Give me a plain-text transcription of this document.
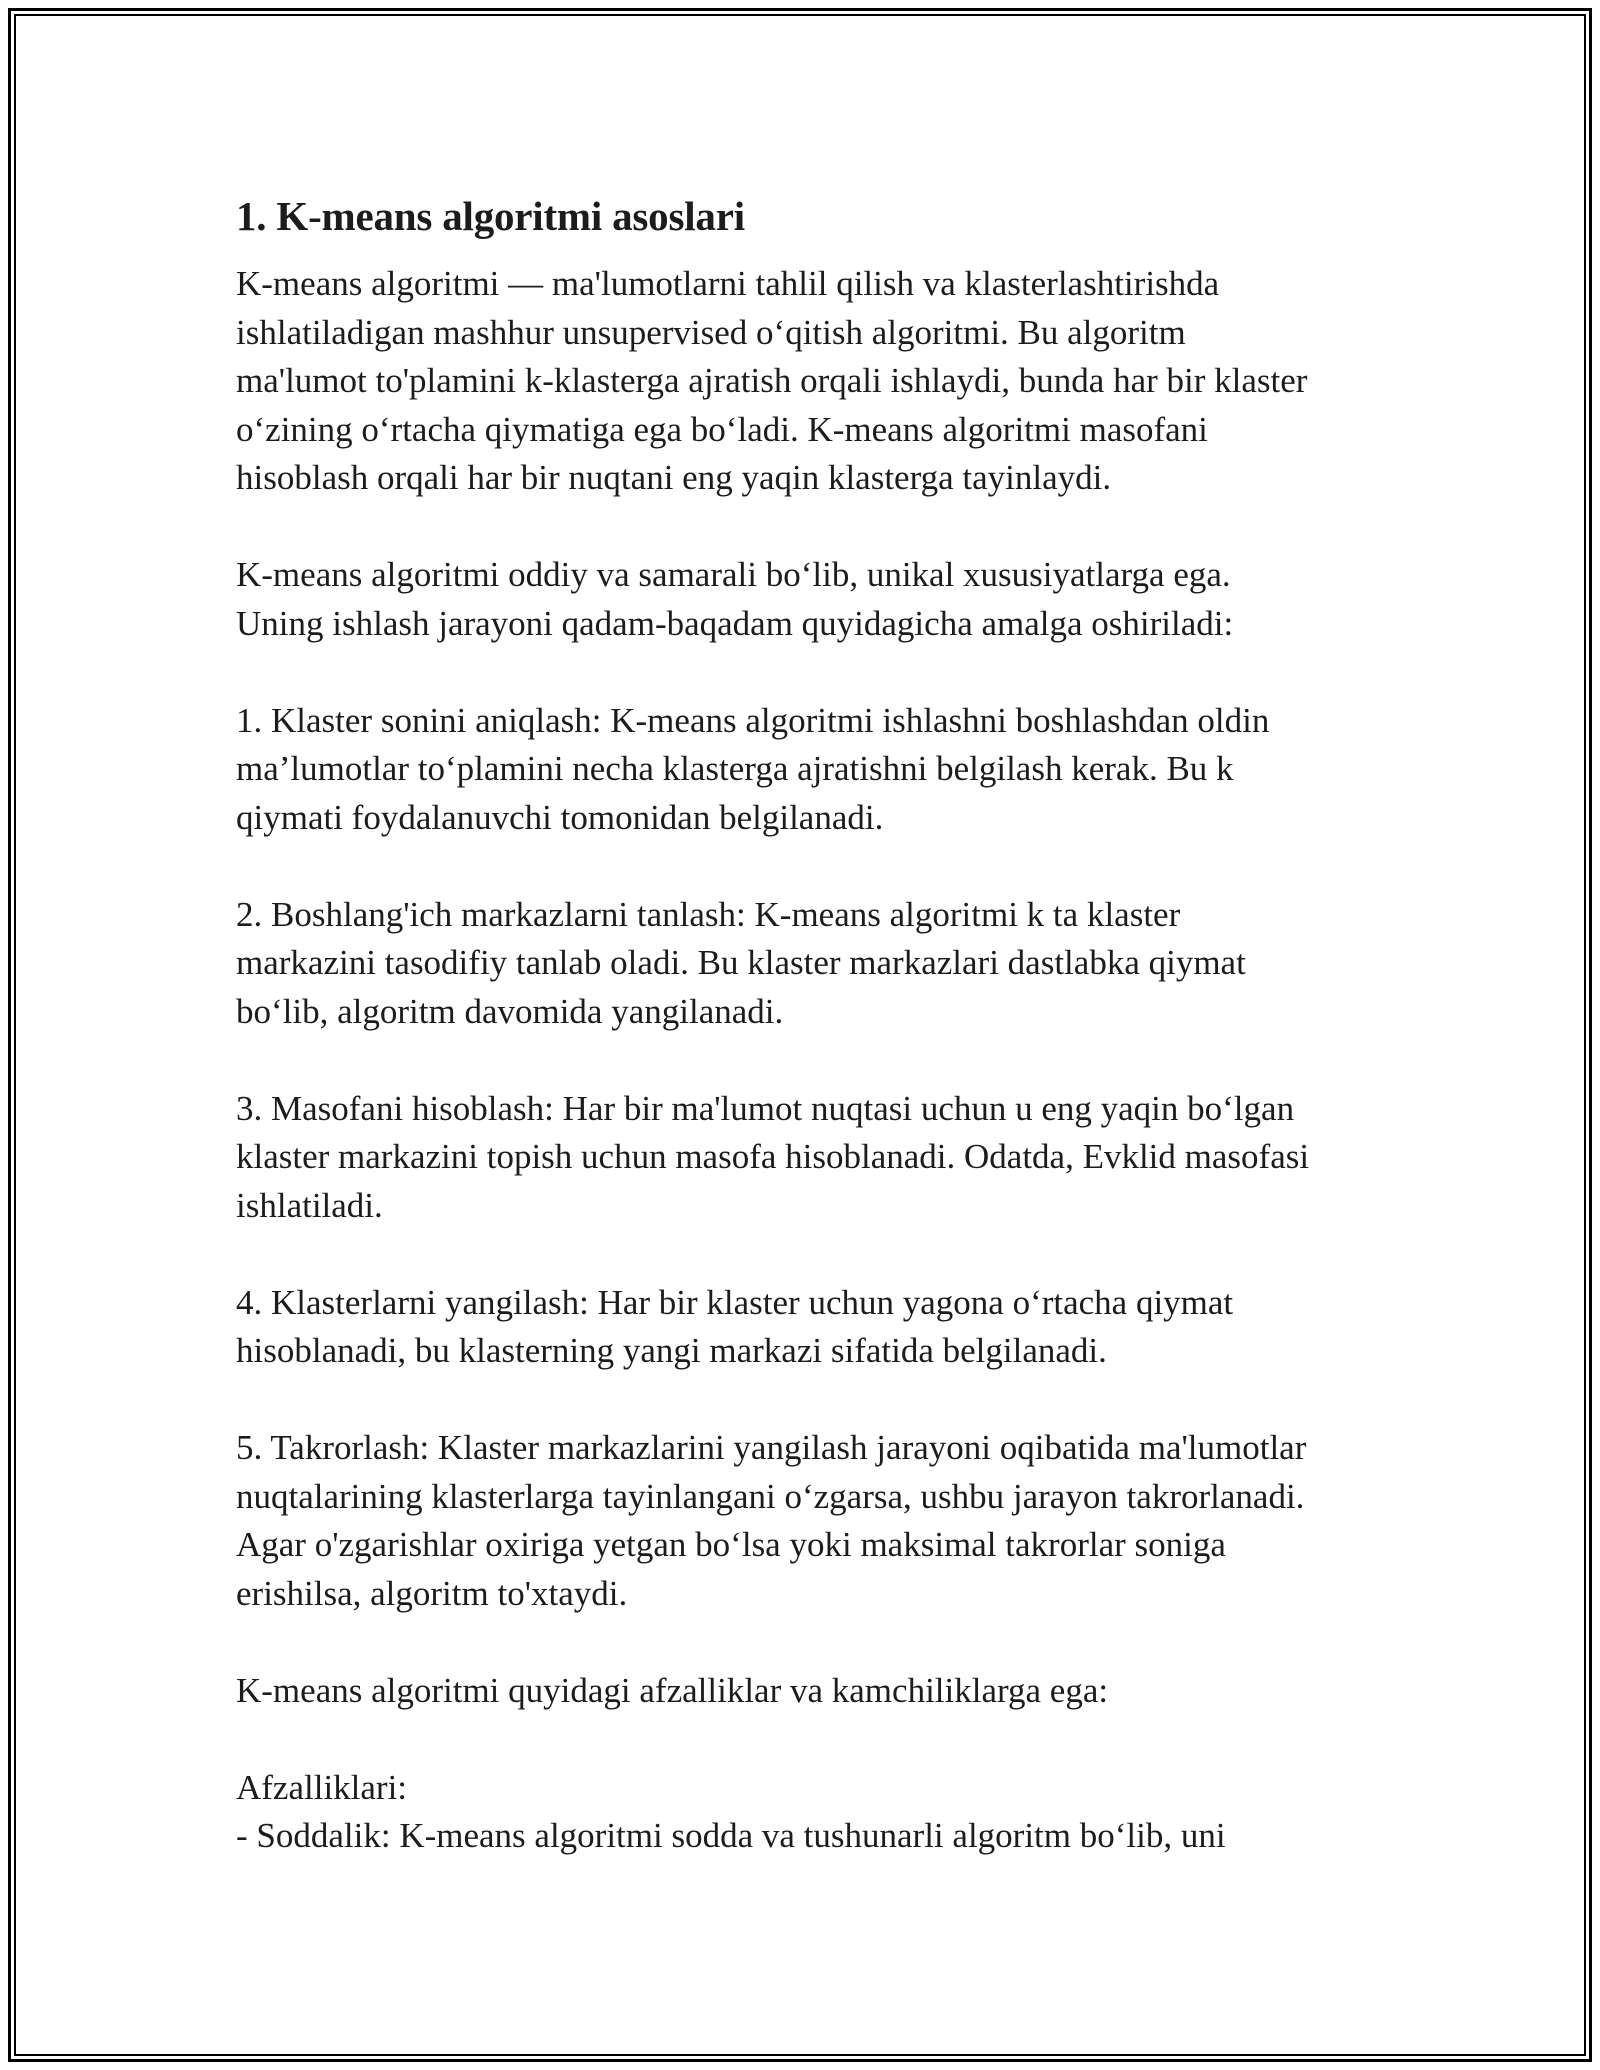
1. K-means algoritmi asoslari
K-means algoritmi — ma'lumotlarni tahlil qilish va klasterlashtirishda
ishlatiladigan mashhur unsupervised o‘qitish algoritmi. Bu algoritm
ma'lumot to'plamini k-klasterga ajratish orqali ishlaydi, bunda har bir klaster
o‘zining o‘rtacha qiymatiga ega bo‘ladi. K-means algoritmi masofani
hisoblash orqali har bir nuqtani eng yaqin klasterga tayinlaydi.
K-means algoritmi oddiy va samarali bo‘lib, unikal xususiyatlarga ega.
Uning ishlash jarayoni qadam-baqadam quyidagicha amalga oshiriladi:
1. Klaster sonini aniqlash: K-means algoritmi ishlashni boshlashdan oldin
ma’lumotlar to‘plamini necha klasterga ajratishni belgilash kerak. Bu k
qiymati foydalanuvchi tomonidan belgilanadi.
2. Boshlang'ich markazlarni tanlash: K-means algoritmi k ta klaster
markazini tasodifiy tanlab oladi. Bu klaster markazlari dastlabka qiymat
bo‘lib, algoritm davomida yangilanadi.
3. Masofani hisoblash: Har bir ma'lumot nuqtasi uchun u eng yaqin bo‘lgan
klaster markazini topish uchun masofa hisoblanadi. Odatda, Evklid masofasi
ishlatiladi.
4. Klasterlarni yangilash: Har bir klaster uchun yagona o‘rtacha qiymat
hisoblanadi, bu klasterning yangi markazi sifatida belgilanadi.
5. Takrorlash: Klaster markazlarini yangilash jarayoni oqibatida ma'lumotlar
nuqtalarining klasterlarga tayinlangani o‘zgarsa, ushbu jarayon takrorlanadi.
Agar o'zgarishlar oxiriga yetgan bo‘lsa yoki maksimal takrorlar soniga
erishilsa, algoritm to'xtaydi.
K-means algoritmi quyidagi afzalliklar va kamchiliklarga ega:
Afzalliklari:
- Soddalik: K-means algoritmi sodda va tushunarli algoritm bo‘lib, uni
